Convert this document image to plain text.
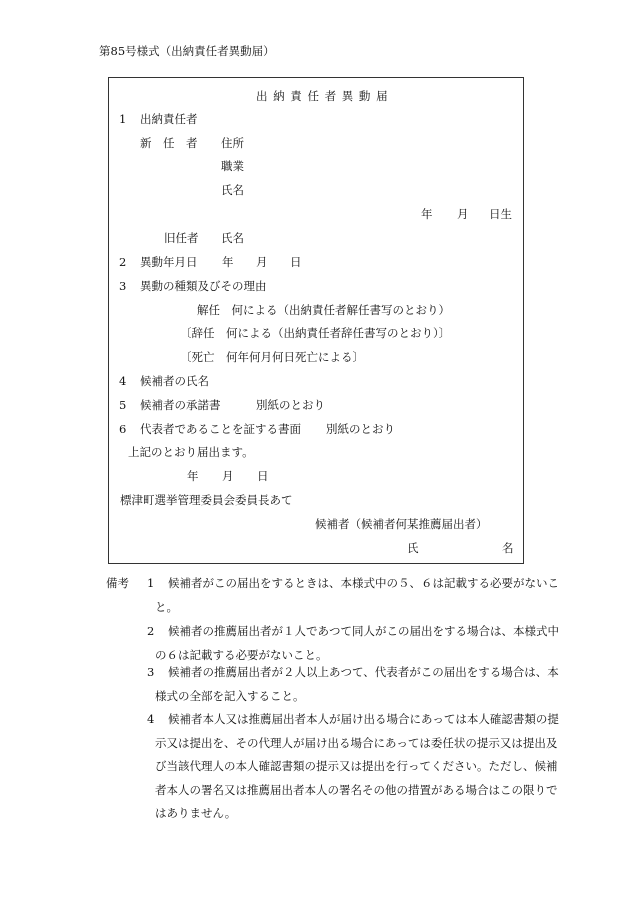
第85号様式（出納責任者異動届）
出 納 責 任 者 異 動 届
1 出納責任者
新　任　者 住所
職業
氏名
年 月 日生
旧任者 氏名
2 異動年月日 年 月 日
3 異動の種類及びその理由
解任　何による（出納責任者解任書写のとおり）
〔辞任　何による（出納責任者辞任書写のとおり）〕
〔死亡　何年何月何日死亡による〕
4 候補者の氏名
5 候補者の承諾書	別紙のとおり
6 代表者であることを証する書面 別紙のとおり
上記のとおり届出ます。
年 月 日
標津町選挙管理委員会委員長あて
候補者（候補者何某推薦届出者）
氏	名
備考 1 候補者がこの届出をするときは、本様式中の５、６は記載する必要がないこ
と。
2 候補者の推薦届出者が１人であつて同人がこの届出をする場合は、本様式中
の６は記載する必要がないこと。
3 候補者の推薦届出者が２人以上あつて、代表者がこの届出をする場合は、本
様式の全部を記入すること。
4 候補者本人又は推薦届出者本人が届け出る場合にあっては本人確認書類の提
示又は提出を、その代理人が届け出る場合にあっては委任状の提示又は提出及
び当該代理人の本人確認書類の提示又は提出を行ってください。ただし、候補
者本人の署名又は推薦届出者本人の署名その他の措置がある場合はこの限りで
はありません。
